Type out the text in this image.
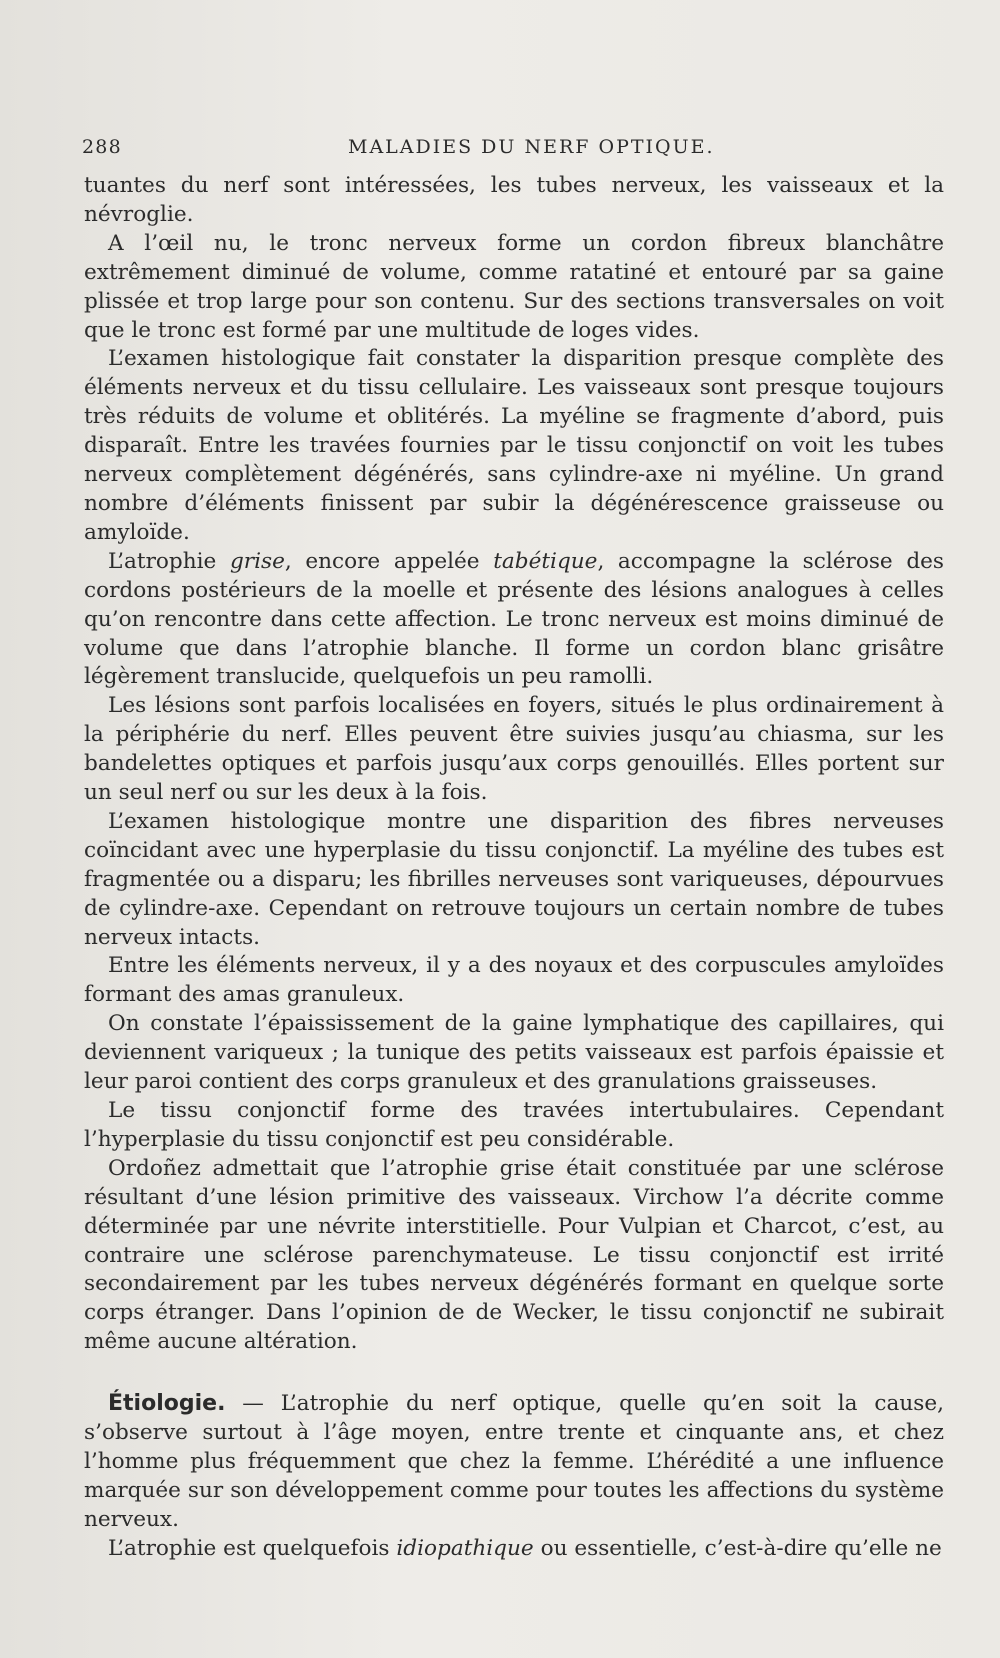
288	MALADIES DU NERF OPTIQUE.

tuantes du nerf sont intéressées, les tubes nerveux, les vaisseaux et la névroglie.

A l’œil nu, le tronc nerveux forme un cordon fibreux blanchâtre extrêmement diminué de volume, comme ratatiné et entouré par sa gaine plissée et trop large pour son contenu. Sur des sections transversales on voit que le tronc est formé par une multitude de loges vides.

L’examen histologique fait constater la disparition presque complète des éléments nerveux et du tissu cellulaire. Les vaisseaux sont presque toujours très réduits de volume et oblitérés. La myéline se fragmente d’abord, puis disparaît. Entre les travées fournies par le tissu conjonctif on voit les tubes nerveux complètement dégénérés, sans cylindre-axe ni myéline. Un grand nombre d’éléments finissent par subir la dégénérescence graisseuse ou amyloïde.

L’atrophie grise, encore appelée tabétique, accompagne la sclérose des cordons postérieurs de la moelle et présente des lésions analogues à celles qu’on rencontre dans cette affection. Le tronc nerveux est moins diminué de volume que dans l’atrophie blanche. Il forme un cordon blanc grisâtre légèrement translucide, quelquefois un peu ramolli.

Les lésions sont parfois localisées en foyers, situés le plus ordinairement à la périphérie du nerf. Elles peuvent être suivies jusqu’au chiasma, sur les bandelettes optiques et parfois jusqu’aux corps genouillés. Elles portent sur un seul nerf ou sur les deux à la fois.

L’examen histologique montre une disparition des fibres nerveuses coïncidant avec une hyperplasie du tissu conjonctif. La myéline des tubes est fragmentée ou a disparu; les fibrilles nerveuses sont variqueuses, dépourvues de cylindre-axe. Cependant on retrouve toujours un certain nombre de tubes nerveux intacts.

Entre les éléments nerveux, il y a des noyaux et des corpuscules amyloïdes formant des amas granuleux.

On constate l’épaississement de la gaine lymphatique des capillaires, qui deviennent variqueux ; la tunique des petits vaisseaux est parfois épaissie et leur paroi contient des corps granuleux et des granulations graisseuses.

Le tissu conjonctif forme des travées intertubulaires. Cependant l’hyperplasie du tissu conjonctif est peu considérable.

Ordoñez admettait que l’atrophie grise était constituée par une sclérose résultant d’une lésion primitive des vaisseaux. Virchow l’a décrite comme déterminée par une névrite interstitielle. Pour Vulpian et Charcot, c’est, au contraire une sclérose parenchymateuse. Le tissu conjonctif est irrité secondairement par les tubes nerveux dégénérés formant en quelque sorte corps étranger. Dans l’opinion de de Wecker, le tissu conjonctif ne subirait même aucune altération.

Étiologie. — L’atrophie du nerf optique, quelle qu’en soit la cause, s’observe surtout à l’âge moyen, entre trente et cinquante ans, et chez l’homme plus fréquemment que chez la femme. L’hérédité a une influence marquée sur son développement comme pour toutes les affections du système nerveux.

L’atrophie est quelquefois idiopathique ou essentielle, c’est-à-dire qu’elle ne
